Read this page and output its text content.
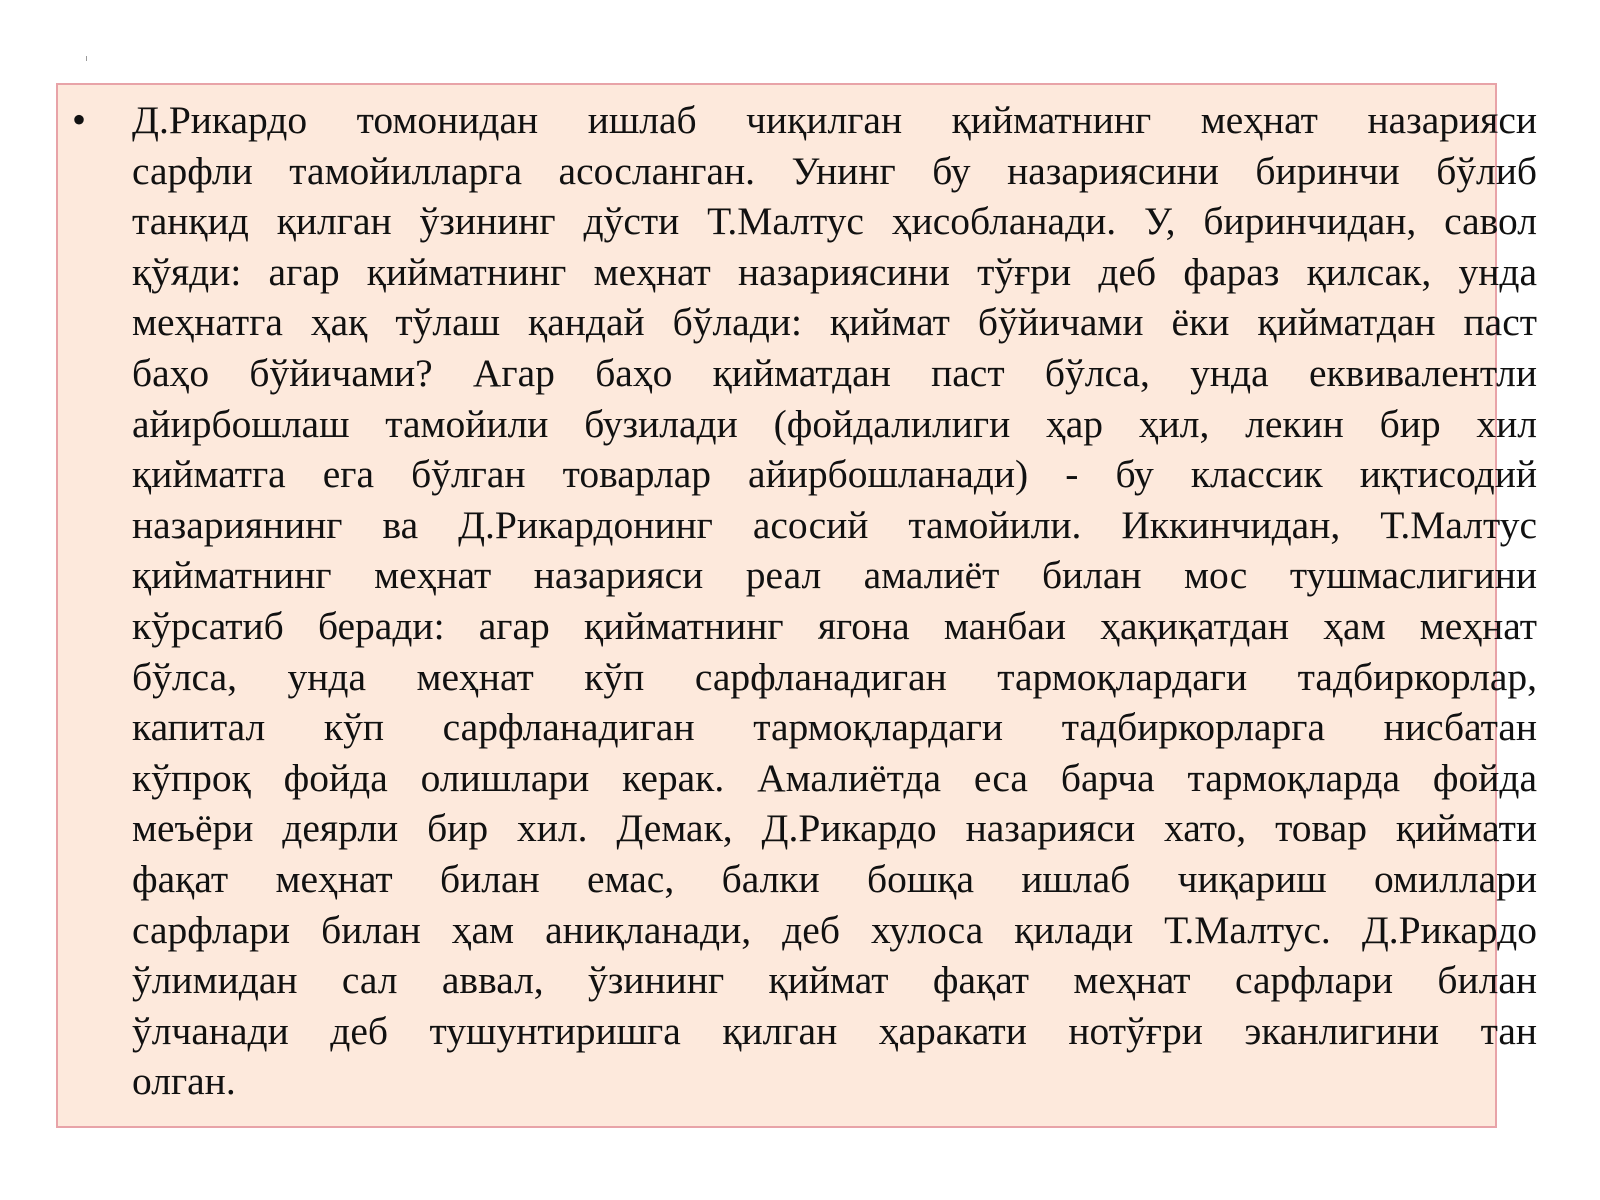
• Д.Рикардо томонидан ишлаб чиқилган қийматнинг меҳнат назарияси
сарфли тамойилларга асосланган. Унинг бу назариясини биринчи бўлиб
танқид қилган ўзининг дўсти Т.Малтус ҳисобланади. У, биринчидан, савол
қўяди: агар қийматнинг меҳнат назариясини тўғри деб фараз қилсак, унда
меҳнатга ҳақ тўлаш қандай бўлади: қиймат бўйичами ёки қийматдан паст
баҳо бўйичами? Агар баҳо қийматдан паст бўлса, унда еквивалентли
айирбошлаш тамойили бузилади (фойдалилиги ҳар ҳил, лекин бир хил
қийматга ега бўлган товарлар айирбошланади) - бу классик иқтисодий
назариянинг ва Д.Рикардонинг асосий тамойили. Иккинчидан, Т.Малтус
қийматнинг меҳнат назарияси реал амалиёт билан мос тушмаслигини
кўрсатиб беради: агар қийматнинг ягона манбаи ҳақиқатдан ҳам меҳнат
бўлса, унда меҳнат кўп сарфланадиган тармоқлардаги тадбиркорлар,
капитал кўп сарфланадиган тармоқлардаги тадбиркорларга нисбатан
кўпроқ фойда олишлари керак. Амалиётда еса барча тармоқларда фойда
меъёри деярли бир хил. Демак, Д.Рикардо назарияси хато, товар қиймати
фақат меҳнат билан емас, балки бошқа ишлаб чиқариш омиллари
сарфлари билан ҳам аниқланади, деб хулоса қилади Т.Малтус. Д.Рикардо
ўлимидан сал аввал, ўзининг қиймат фақат меҳнат сарфлари билан
ўлчанади деб тушунтиришга қилган ҳаракати нотўғри эканлигини тан
олган.
